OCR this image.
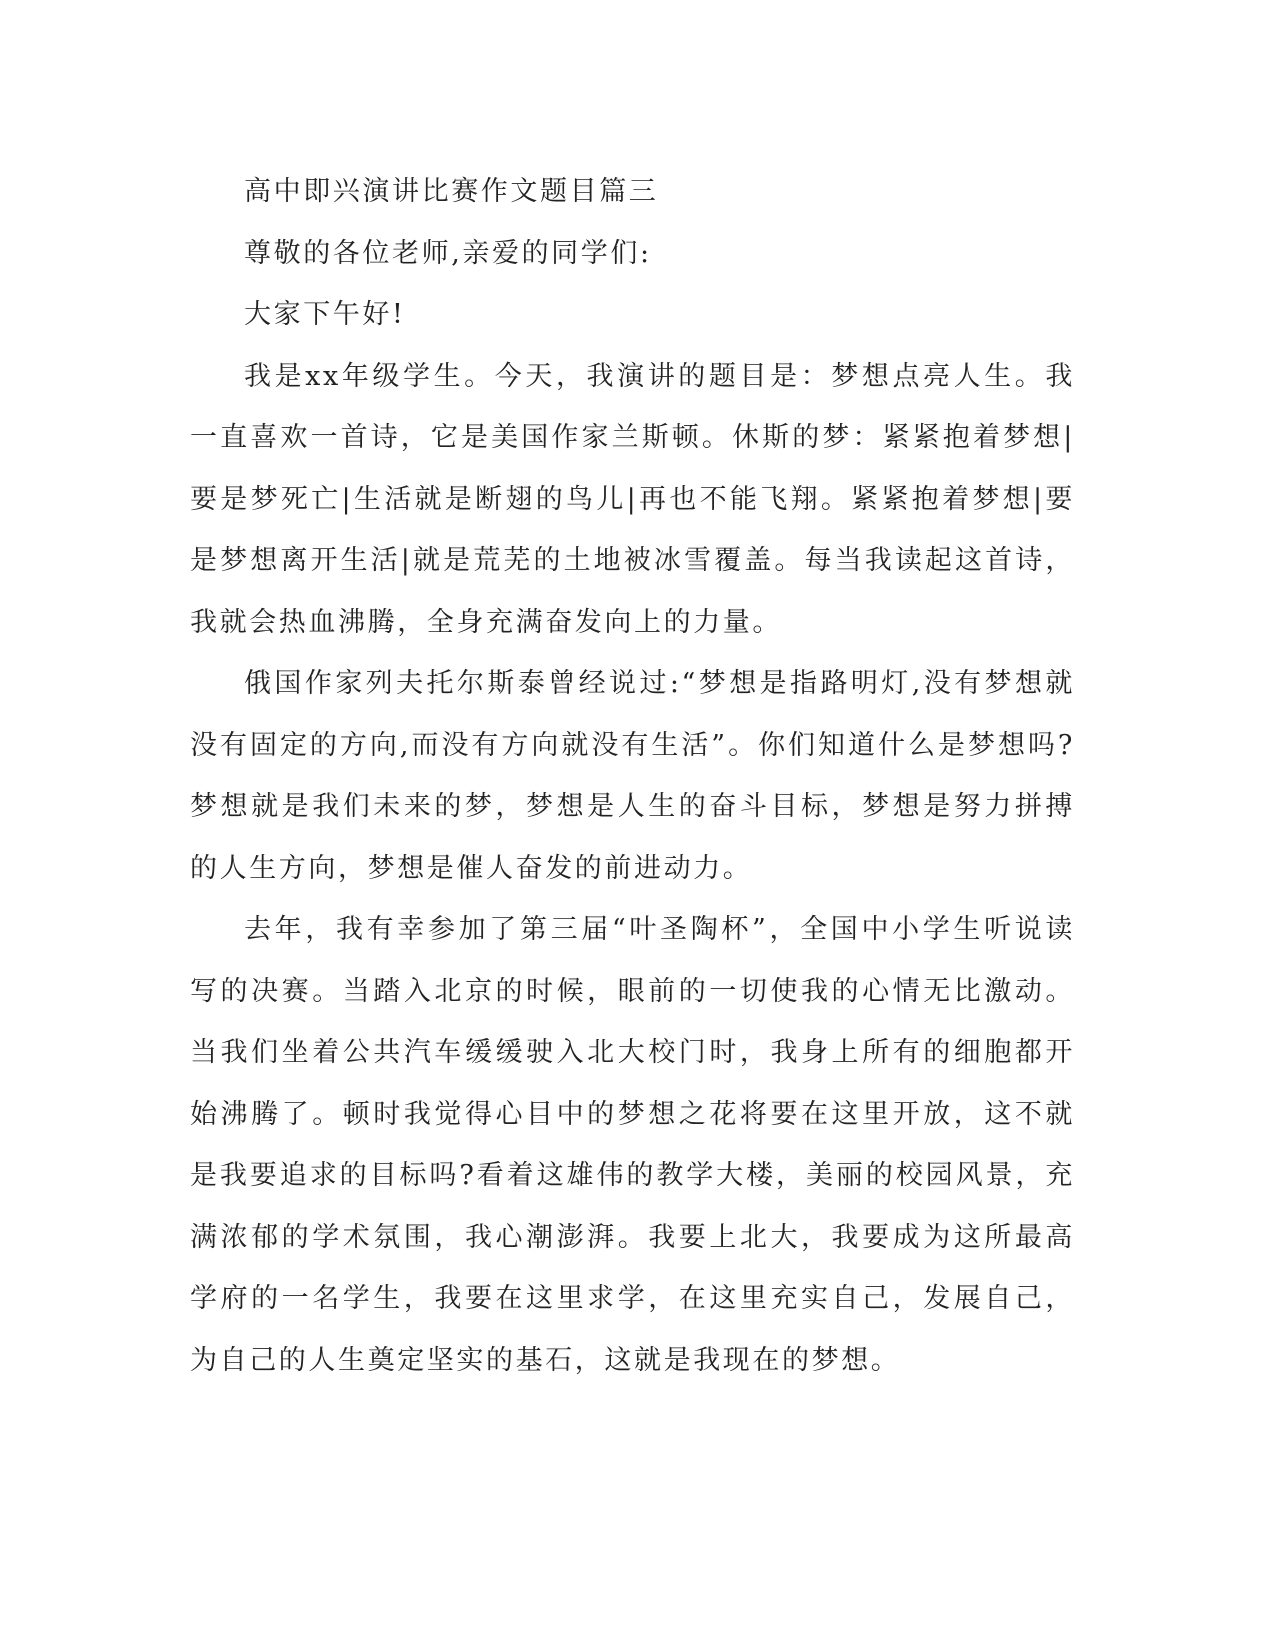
高中即兴演讲比赛作文题目篇三

尊敬的各位老师,亲爱的同学们:

大家下午好!

我是xx年级学生。今天，我演讲的题目是：梦想点亮人生。我一直喜欢一首诗，它是美国作家兰斯顿。休斯的梦：紧紧抱着梦想|要是梦死亡|生活就是断翅的鸟儿|再也不能飞翔。紧紧抱着梦想|要是梦想离开生活|就是荒芜的土地被冰雪覆盖。每当我读起这首诗，我就会热血沸腾，全身充满奋发向上的力量。

俄国作家列夫托尔斯泰曾经说过:“梦想是指路明灯,没有梦想就没有固定的方向,而没有方向就没有生活”。你们知道什么是梦想吗?梦想就是我们未来的梦，梦想是人生的奋斗目标，梦想是努力拼搏的人生方向，梦想是催人奋发的前进动力。

去年，我有幸参加了第三届“叶圣陶杯”，全国中小学生听说读写的决赛。当踏入北京的时候，眼前的一切使我的心情无比激动。当我们坐着公共汽车缓缓驶入北大校门时，我身上所有的细胞都开始沸腾了。顿时我觉得心目中的梦想之花将要在这里开放，这不就是我要追求的目标吗?看着这雄伟的教学大楼，美丽的校园风景，充满浓郁的学术氛围，我心潮澎湃。我要上北大，我要成为这所最高学府的一名学生，我要在这里求学，在这里充实自己，发展自己，为自己的人生奠定坚实的基石，这就是我现在的梦想。
